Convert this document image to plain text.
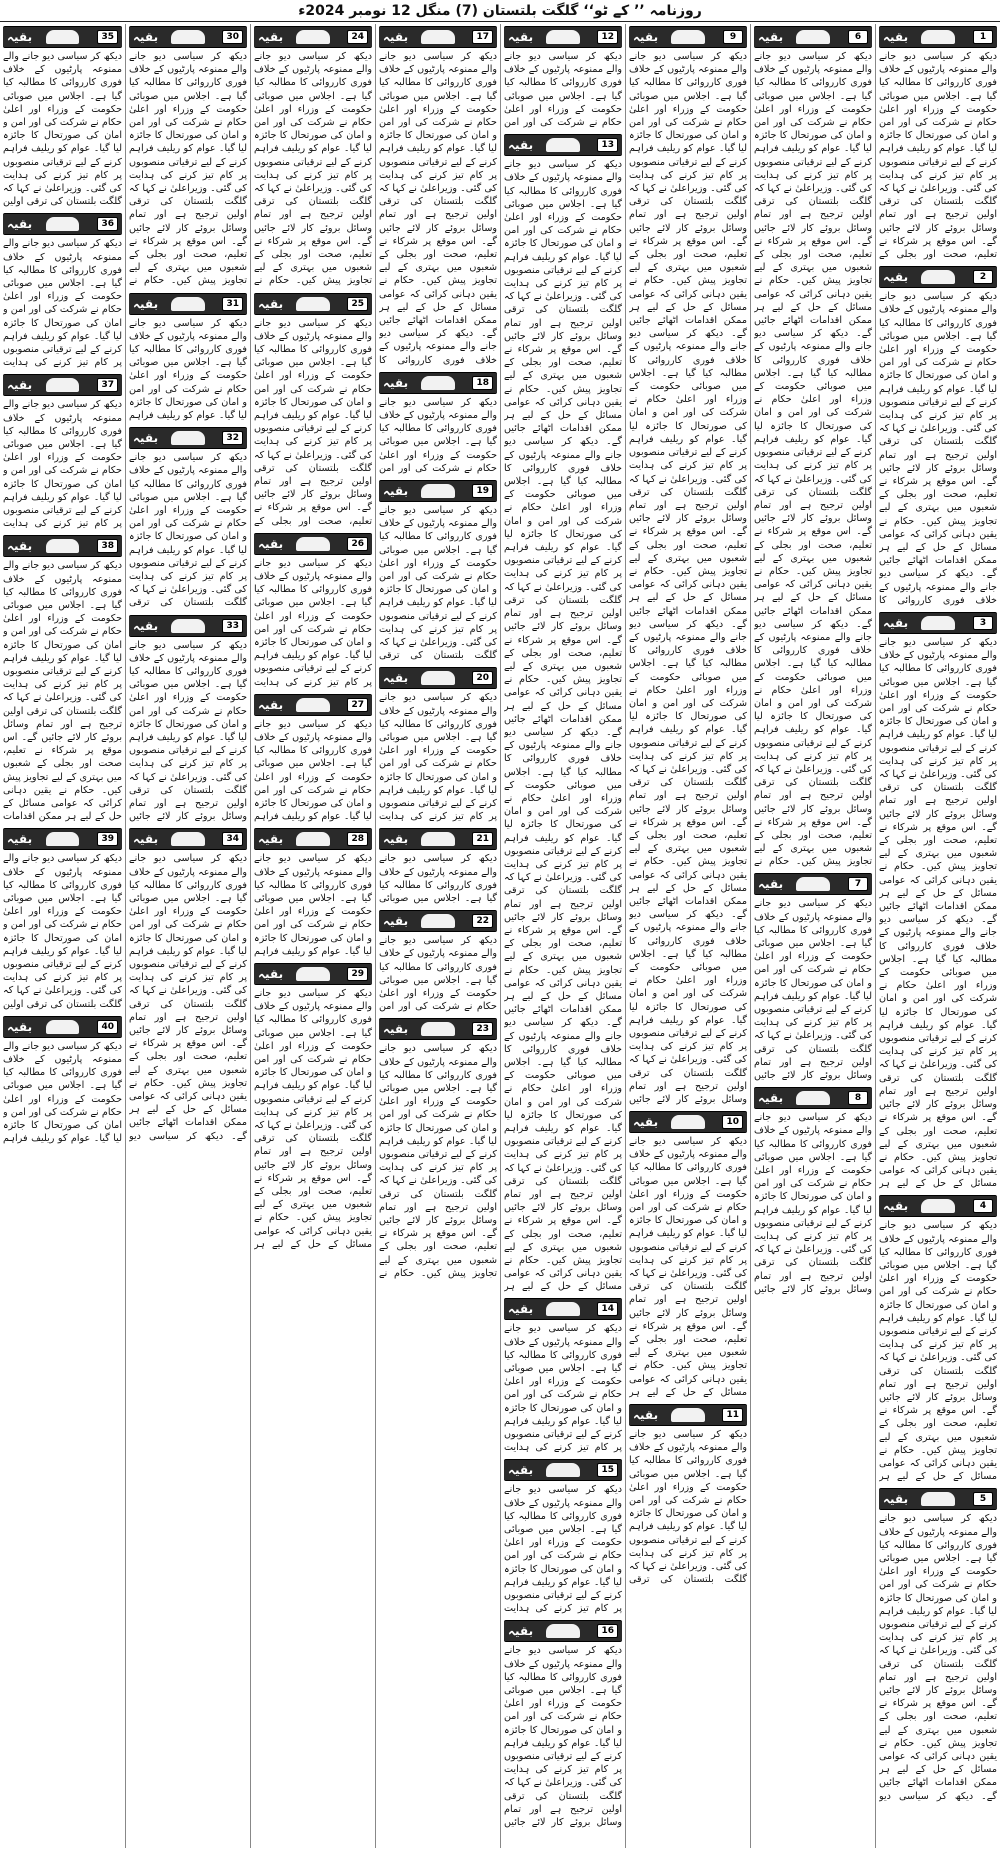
روزنامہ ’’ کے ٹو‘‘ گلگت بلتستان (7) منگل 12 نومبر 2024ء
بقیہ	1
دیکھ کر سیاسی دیو جانے والے ممنوعہ پارٹیوں کے خلاف فوری کارروائی کا مطالبہ کیا گیا ہے۔ اجلاس میں صوبائی حکومت کے وزراء اور اعلیٰ حکام نے شرکت کی اور امن و امان کی صورتحال کا جائزہ لیا گیا۔ عوام کو ریلیف فراہم کرنے کے لیے ترقیاتی منصوبوں پر کام تیز کرنے کی ہدایت کی گئی۔ وزیراعلیٰ نے کہا کہ گلگت بلتستان کی ترقی اولین ترجیح ہے اور تمام وسائل بروئے کار لائے جائیں گے۔ اس موقع پر شرکاء نے تعلیم، صحت اور بجلی کے
بقیہ	2
دیکھ کر سیاسی دیو جانے والے ممنوعہ پارٹیوں کے خلاف فوری کارروائی کا مطالبہ کیا گیا ہے۔ اجلاس میں صوبائی حکومت کے وزراء اور اعلیٰ حکام نے شرکت کی اور امن و امان کی صورتحال کا جائزہ لیا گیا۔ عوام کو ریلیف فراہم کرنے کے لیے ترقیاتی منصوبوں پر کام تیز کرنے کی ہدایت کی گئی۔ وزیراعلیٰ نے کہا کہ گلگت بلتستان کی ترقی اولین ترجیح ہے اور تمام وسائل بروئے کار لائے جائیں گے۔ اس موقع پر شرکاء نے تعلیم، صحت اور بجلی کے شعبوں میں بہتری کے لیے تجاویز پیش کیں۔ حکام نے یقین دہانی کرائی کہ عوامی مسائل کے حل کے لیے ہر ممکن اقدامات اٹھائے جائیں گے۔ دیکھ کر سیاسی دیو جانے والے ممنوعہ پارٹیوں کے خلاف فوری کارروائی کا
بقیہ	3
دیکھ کر سیاسی دیو جانے والے ممنوعہ پارٹیوں کے خلاف فوری کارروائی کا مطالبہ کیا گیا ہے۔ اجلاس میں صوبائی حکومت کے وزراء اور اعلیٰ حکام نے شرکت کی اور امن و امان کی صورتحال کا جائزہ لیا گیا۔ عوام کو ریلیف فراہم کرنے کے لیے ترقیاتی منصوبوں پر کام تیز کرنے کی ہدایت کی گئی۔ وزیراعلیٰ نے کہا کہ گلگت بلتستان کی ترقی اولین ترجیح ہے اور تمام وسائل بروئے کار لائے جائیں گے۔ اس موقع پر شرکاء نے تعلیم، صحت اور بجلی کے شعبوں میں بہتری کے لیے تجاویز پیش کیں۔ حکام نے یقین دہانی کرائی کہ عوامی مسائل کے حل کے لیے ہر ممکن اقدامات اٹھائے جائیں گے۔ دیکھ کر سیاسی دیو جانے والے ممنوعہ پارٹیوں کے خلاف فوری کارروائی کا مطالبہ کیا گیا ہے۔ اجلاس میں صوبائی حکومت کے وزراء اور اعلیٰ حکام نے شرکت کی اور امن و امان کی صورتحال کا جائزہ لیا گیا۔ عوام کو ریلیف فراہم کرنے کے لیے ترقیاتی منصوبوں پر کام تیز کرنے کی ہدایت کی گئی۔ وزیراعلیٰ نے کہا کہ گلگت بلتستان کی ترقی اولین ترجیح ہے اور تمام وسائل بروئے کار لائے جائیں گے۔ اس موقع پر شرکاء نے تعلیم، صحت اور بجلی کے شعبوں میں بہتری کے لیے تجاویز پیش کیں۔ حکام نے یقین دہانی کرائی کہ عوامی مسائل کے حل کے لیے ہر
بقیہ	4
دیکھ کر سیاسی دیو جانے والے ممنوعہ پارٹیوں کے خلاف فوری کارروائی کا مطالبہ کیا گیا ہے۔ اجلاس میں صوبائی حکومت کے وزراء اور اعلیٰ حکام نے شرکت کی اور امن و امان کی صورتحال کا جائزہ لیا گیا۔ عوام کو ریلیف فراہم کرنے کے لیے ترقیاتی منصوبوں پر کام تیز کرنے کی ہدایت کی گئی۔ وزیراعلیٰ نے کہا کہ گلگت بلتستان کی ترقی اولین ترجیح ہے اور تمام وسائل بروئے کار لائے جائیں گے۔ اس موقع پر شرکاء نے تعلیم، صحت اور بجلی کے شعبوں میں بہتری کے لیے تجاویز پیش کیں۔ حکام نے یقین دہانی کرائی کہ عوامی مسائل کے حل کے لیے ہر
بقیہ	5
دیکھ کر سیاسی دیو جانے والے ممنوعہ پارٹیوں کے خلاف فوری کارروائی کا مطالبہ کیا گیا ہے۔ اجلاس میں صوبائی حکومت کے وزراء اور اعلیٰ حکام نے شرکت کی اور امن و امان کی صورتحال کا جائزہ لیا گیا۔ عوام کو ریلیف فراہم کرنے کے لیے ترقیاتی منصوبوں پر کام تیز کرنے کی ہدایت کی گئی۔ وزیراعلیٰ نے کہا کہ گلگت بلتستان کی ترقی اولین ترجیح ہے اور تمام وسائل بروئے کار لائے جائیں گے۔ اس موقع پر شرکاء نے تعلیم، صحت اور بجلی کے شعبوں میں بہتری کے لیے تجاویز پیش کیں۔ حکام نے یقین دہانی کرائی کہ عوامی مسائل کے حل کے لیے ہر ممکن اقدامات اٹھائے جائیں گے۔ دیکھ کر سیاسی دیو
بقیہ	6
دیکھ کر سیاسی دیو جانے والے ممنوعہ پارٹیوں کے خلاف فوری کارروائی کا مطالبہ کیا گیا ہے۔ اجلاس میں صوبائی حکومت کے وزراء اور اعلیٰ حکام نے شرکت کی اور امن و امان کی صورتحال کا جائزہ لیا گیا۔ عوام کو ریلیف فراہم کرنے کے لیے ترقیاتی منصوبوں پر کام تیز کرنے کی ہدایت کی گئی۔ وزیراعلیٰ نے کہا کہ گلگت بلتستان کی ترقی اولین ترجیح ہے اور تمام وسائل بروئے کار لائے جائیں گے۔ اس موقع پر شرکاء نے تعلیم، صحت اور بجلی کے شعبوں میں بہتری کے لیے تجاویز پیش کیں۔ حکام نے یقین دہانی کرائی کہ عوامی مسائل کے حل کے لیے ہر ممکن اقدامات اٹھائے جائیں گے۔ دیکھ کر سیاسی دیو جانے والے ممنوعہ پارٹیوں کے خلاف فوری کارروائی کا مطالبہ کیا گیا ہے۔ اجلاس میں صوبائی حکومت کے وزراء اور اعلیٰ حکام نے شرکت کی اور امن و امان کی صورتحال کا جائزہ لیا گیا۔ عوام کو ریلیف فراہم کرنے کے لیے ترقیاتی منصوبوں پر کام تیز کرنے کی ہدایت کی گئی۔ وزیراعلیٰ نے کہا کہ گلگت بلتستان کی ترقی اولین ترجیح ہے اور تمام وسائل بروئے کار لائے جائیں گے۔ اس موقع پر شرکاء نے تعلیم، صحت اور بجلی کے شعبوں میں بہتری کے لیے تجاویز پیش کیں۔ حکام نے یقین دہانی کرائی کہ عوامی مسائل کے حل کے لیے ہر ممکن اقدامات اٹھائے جائیں گے۔ دیکھ کر سیاسی دیو جانے والے ممنوعہ پارٹیوں کے خلاف فوری کارروائی کا مطالبہ کیا گیا ہے۔ اجلاس میں صوبائی حکومت کے وزراء اور اعلیٰ حکام نے شرکت کی اور امن و امان کی صورتحال کا جائزہ لیا گیا۔ عوام کو ریلیف فراہم کرنے کے لیے ترقیاتی منصوبوں پر کام تیز کرنے کی ہدایت کی گئی۔ وزیراعلیٰ نے کہا کہ گلگت بلتستان کی ترقی اولین ترجیح ہے اور تمام وسائل بروئے کار لائے جائیں گے۔ اس موقع پر شرکاء نے تعلیم، صحت اور بجلی کے شعبوں میں بہتری کے لیے تجاویز پیش کیں۔ حکام نے
بقیہ	7
دیکھ کر سیاسی دیو جانے والے ممنوعہ پارٹیوں کے خلاف فوری کارروائی کا مطالبہ کیا گیا ہے۔ اجلاس میں صوبائی حکومت کے وزراء اور اعلیٰ حکام نے شرکت کی اور امن و امان کی صورتحال کا جائزہ لیا گیا۔ عوام کو ریلیف فراہم کرنے کے لیے ترقیاتی منصوبوں پر کام تیز کرنے کی ہدایت کی گئی۔ وزیراعلیٰ نے کہا کہ گلگت بلتستان کی ترقی اولین ترجیح ہے اور تمام وسائل بروئے کار لائے جائیں
بقیہ	8
دیکھ کر سیاسی دیو جانے والے ممنوعہ پارٹیوں کے خلاف فوری کارروائی کا مطالبہ کیا گیا ہے۔ اجلاس میں صوبائی حکومت کے وزراء اور اعلیٰ حکام نے شرکت کی اور امن و امان کی صورتحال کا جائزہ لیا گیا۔ عوام کو ریلیف فراہم کرنے کے لیے ترقیاتی منصوبوں پر کام تیز کرنے کی ہدایت کی گئی۔ وزیراعلیٰ نے کہا کہ گلگت بلتستان کی ترقی اولین ترجیح ہے اور تمام وسائل بروئے کار لائے جائیں
بقیہ	9
دیکھ کر سیاسی دیو جانے والے ممنوعہ پارٹیوں کے خلاف فوری کارروائی کا مطالبہ کیا گیا ہے۔ اجلاس میں صوبائی حکومت کے وزراء اور اعلیٰ حکام نے شرکت کی اور امن و امان کی صورتحال کا جائزہ لیا گیا۔ عوام کو ریلیف فراہم کرنے کے لیے ترقیاتی منصوبوں پر کام تیز کرنے کی ہدایت کی گئی۔ وزیراعلیٰ نے کہا کہ گلگت بلتستان کی ترقی اولین ترجیح ہے اور تمام وسائل بروئے کار لائے جائیں گے۔ اس موقع پر شرکاء نے تعلیم، صحت اور بجلی کے شعبوں میں بہتری کے لیے تجاویز پیش کیں۔ حکام نے یقین دہانی کرائی کہ عوامی مسائل کے حل کے لیے ہر ممکن اقدامات اٹھائے جائیں گے۔ دیکھ کر سیاسی دیو جانے والے ممنوعہ پارٹیوں کے خلاف فوری کارروائی کا مطالبہ کیا گیا ہے۔ اجلاس میں صوبائی حکومت کے وزراء اور اعلیٰ حکام نے شرکت کی اور امن و امان کی صورتحال کا جائزہ لیا گیا۔ عوام کو ریلیف فراہم کرنے کے لیے ترقیاتی منصوبوں پر کام تیز کرنے کی ہدایت کی گئی۔ وزیراعلیٰ نے کہا کہ گلگت بلتستان کی ترقی اولین ترجیح ہے اور تمام وسائل بروئے کار لائے جائیں گے۔ اس موقع پر شرکاء نے تعلیم، صحت اور بجلی کے شعبوں میں بہتری کے لیے تجاویز پیش کیں۔ حکام نے یقین دہانی کرائی کہ عوامی مسائل کے حل کے لیے ہر ممکن اقدامات اٹھائے جائیں گے۔ دیکھ کر سیاسی دیو جانے والے ممنوعہ پارٹیوں کے خلاف فوری کارروائی کا مطالبہ کیا گیا ہے۔ اجلاس میں صوبائی حکومت کے وزراء اور اعلیٰ حکام نے شرکت کی اور امن و امان کی صورتحال کا جائزہ لیا گیا۔ عوام کو ریلیف فراہم کرنے کے لیے ترقیاتی منصوبوں پر کام تیز کرنے کی ہدایت کی گئی۔ وزیراعلیٰ نے کہا کہ گلگت بلتستان کی ترقی اولین ترجیح ہے اور تمام وسائل بروئے کار لائے جائیں گے۔ اس موقع پر شرکاء نے تعلیم، صحت اور بجلی کے شعبوں میں بہتری کے لیے تجاویز پیش کیں۔ حکام نے یقین دہانی کرائی کہ عوامی مسائل کے حل کے لیے ہر ممکن اقدامات اٹھائے جائیں گے۔ دیکھ کر سیاسی دیو جانے والے ممنوعہ پارٹیوں کے خلاف فوری کارروائی کا مطالبہ کیا گیا ہے۔ اجلاس میں صوبائی حکومت کے وزراء اور اعلیٰ حکام نے شرکت کی اور امن و امان کی صورتحال کا جائزہ لیا گیا۔ عوام کو ریلیف فراہم کرنے کے لیے ترقیاتی منصوبوں پر کام تیز کرنے کی ہدایت کی گئی۔ وزیراعلیٰ نے کہا کہ گلگت بلتستان کی ترقی اولین ترجیح ہے اور تمام وسائل بروئے کار لائے جائیں
بقیہ	10
دیکھ کر سیاسی دیو جانے والے ممنوعہ پارٹیوں کے خلاف فوری کارروائی کا مطالبہ کیا گیا ہے۔ اجلاس میں صوبائی حکومت کے وزراء اور اعلیٰ حکام نے شرکت کی اور امن و امان کی صورتحال کا جائزہ لیا گیا۔ عوام کو ریلیف فراہم کرنے کے لیے ترقیاتی منصوبوں پر کام تیز کرنے کی ہدایت کی گئی۔ وزیراعلیٰ نے کہا کہ گلگت بلتستان کی ترقی اولین ترجیح ہے اور تمام وسائل بروئے کار لائے جائیں گے۔ اس موقع پر شرکاء نے تعلیم، صحت اور بجلی کے شعبوں میں بہتری کے لیے تجاویز پیش کیں۔ حکام نے یقین دہانی کرائی کہ عوامی مسائل کے حل کے لیے ہر
بقیہ	11
دیکھ کر سیاسی دیو جانے والے ممنوعہ پارٹیوں کے خلاف فوری کارروائی کا مطالبہ کیا گیا ہے۔ اجلاس میں صوبائی حکومت کے وزراء اور اعلیٰ حکام نے شرکت کی اور امن و امان کی صورتحال کا جائزہ لیا گیا۔ عوام کو ریلیف فراہم کرنے کے لیے ترقیاتی منصوبوں پر کام تیز کرنے کی ہدایت کی گئی۔ وزیراعلیٰ نے کہا کہ گلگت بلتستان کی ترقی
بقیہ	12
دیکھ کر سیاسی دیو جانے والے ممنوعہ پارٹیوں کے خلاف فوری کارروائی کا مطالبہ کیا گیا ہے۔ اجلاس میں صوبائی حکومت کے وزراء اور اعلیٰ حکام نے شرکت کی اور امن
بقیہ	13
دیکھ کر سیاسی دیو جانے والے ممنوعہ پارٹیوں کے خلاف فوری کارروائی کا مطالبہ کیا گیا ہے۔ اجلاس میں صوبائی حکومت کے وزراء اور اعلیٰ حکام نے شرکت کی اور امن و امان کی صورتحال کا جائزہ لیا گیا۔ عوام کو ریلیف فراہم کرنے کے لیے ترقیاتی منصوبوں پر کام تیز کرنے کی ہدایت کی گئی۔ وزیراعلیٰ نے کہا کہ گلگت بلتستان کی ترقی اولین ترجیح ہے اور تمام وسائل بروئے کار لائے جائیں گے۔ اس موقع پر شرکاء نے تعلیم، صحت اور بجلی کے شعبوں میں بہتری کے لیے تجاویز پیش کیں۔ حکام نے یقین دہانی کرائی کہ عوامی مسائل کے حل کے لیے ہر ممکن اقدامات اٹھائے جائیں گے۔ دیکھ کر سیاسی دیو جانے والے ممنوعہ پارٹیوں کے خلاف فوری کارروائی کا مطالبہ کیا گیا ہے۔ اجلاس میں صوبائی حکومت کے وزراء اور اعلیٰ حکام نے شرکت کی اور امن و امان کی صورتحال کا جائزہ لیا گیا۔ عوام کو ریلیف فراہم کرنے کے لیے ترقیاتی منصوبوں پر کام تیز کرنے کی ہدایت کی گئی۔ وزیراعلیٰ نے کہا کہ گلگت بلتستان کی ترقی اولین ترجیح ہے اور تمام وسائل بروئے کار لائے جائیں گے۔ اس موقع پر شرکاء نے تعلیم، صحت اور بجلی کے شعبوں میں بہتری کے لیے تجاویز پیش کیں۔ حکام نے یقین دہانی کرائی کہ عوامی مسائل کے حل کے لیے ہر ممکن اقدامات اٹھائے جائیں گے۔ دیکھ کر سیاسی دیو جانے والے ممنوعہ پارٹیوں کے خلاف فوری کارروائی کا مطالبہ کیا گیا ہے۔ اجلاس میں صوبائی حکومت کے وزراء اور اعلیٰ حکام نے شرکت کی اور امن و امان کی صورتحال کا جائزہ لیا گیا۔ عوام کو ریلیف فراہم کرنے کے لیے ترقیاتی منصوبوں پر کام تیز کرنے کی ہدایت کی گئی۔ وزیراعلیٰ نے کہا کہ گلگت بلتستان کی ترقی اولین ترجیح ہے اور تمام وسائل بروئے کار لائے جائیں گے۔ اس موقع پر شرکاء نے تعلیم، صحت اور بجلی کے شعبوں میں بہتری کے لیے تجاویز پیش کیں۔ حکام نے یقین دہانی کرائی کہ عوامی مسائل کے حل کے لیے ہر ممکن اقدامات اٹھائے جائیں گے۔ دیکھ کر سیاسی دیو جانے والے ممنوعہ پارٹیوں کے خلاف فوری کارروائی کا مطالبہ کیا گیا ہے۔ اجلاس میں صوبائی حکومت کے وزراء اور اعلیٰ حکام نے شرکت کی اور امن و امان کی صورتحال کا جائزہ لیا گیا۔ عوام کو ریلیف فراہم کرنے کے لیے ترقیاتی منصوبوں پر کام تیز کرنے کی ہدایت کی گئی۔ وزیراعلیٰ نے کہا کہ گلگت بلتستان کی ترقی اولین ترجیح ہے اور تمام وسائل بروئے کار لائے جائیں گے۔ اس موقع پر شرکاء نے تعلیم، صحت اور بجلی کے شعبوں میں بہتری کے لیے تجاویز پیش کیں۔ حکام نے یقین دہانی کرائی کہ عوامی مسائل کے حل کے لیے ہر
بقیہ	14
دیکھ کر سیاسی دیو جانے والے ممنوعہ پارٹیوں کے خلاف فوری کارروائی کا مطالبہ کیا گیا ہے۔ اجلاس میں صوبائی حکومت کے وزراء اور اعلیٰ حکام نے شرکت کی اور امن و امان کی صورتحال کا جائزہ لیا گیا۔ عوام کو ریلیف فراہم کرنے کے لیے ترقیاتی منصوبوں پر کام تیز کرنے کی ہدایت
بقیہ	15
دیکھ کر سیاسی دیو جانے والے ممنوعہ پارٹیوں کے خلاف فوری کارروائی کا مطالبہ کیا گیا ہے۔ اجلاس میں صوبائی حکومت کے وزراء اور اعلیٰ حکام نے شرکت کی اور امن و امان کی صورتحال کا جائزہ لیا گیا۔ عوام کو ریلیف فراہم کرنے کے لیے ترقیاتی منصوبوں پر کام تیز کرنے کی ہدایت
بقیہ	16
دیکھ کر سیاسی دیو جانے والے ممنوعہ پارٹیوں کے خلاف فوری کارروائی کا مطالبہ کیا گیا ہے۔ اجلاس میں صوبائی حکومت کے وزراء اور اعلیٰ حکام نے شرکت کی اور امن و امان کی صورتحال کا جائزہ لیا گیا۔ عوام کو ریلیف فراہم کرنے کے لیے ترقیاتی منصوبوں پر کام تیز کرنے کی ہدایت کی گئی۔ وزیراعلیٰ نے کہا کہ گلگت بلتستان کی ترقی اولین ترجیح ہے اور تمام وسائل بروئے کار لائے جائیں
بقیہ	17
دیکھ کر سیاسی دیو جانے والے ممنوعہ پارٹیوں کے خلاف فوری کارروائی کا مطالبہ کیا گیا ہے۔ اجلاس میں صوبائی حکومت کے وزراء اور اعلیٰ حکام نے شرکت کی اور امن و امان کی صورتحال کا جائزہ لیا گیا۔ عوام کو ریلیف فراہم کرنے کے لیے ترقیاتی منصوبوں پر کام تیز کرنے کی ہدایت کی گئی۔ وزیراعلیٰ نے کہا کہ گلگت بلتستان کی ترقی اولین ترجیح ہے اور تمام وسائل بروئے کار لائے جائیں گے۔ اس موقع پر شرکاء نے تعلیم، صحت اور بجلی کے شعبوں میں بہتری کے لیے تجاویز پیش کیں۔ حکام نے یقین دہانی کرائی کہ عوامی مسائل کے حل کے لیے ہر ممکن اقدامات اٹھائے جائیں گے۔ دیکھ کر سیاسی دیو جانے والے ممنوعہ پارٹیوں کے خلاف فوری کارروائی کا
بقیہ	18
دیکھ کر سیاسی دیو جانے والے ممنوعہ پارٹیوں کے خلاف فوری کارروائی کا مطالبہ کیا گیا ہے۔ اجلاس میں صوبائی حکومت کے وزراء اور اعلیٰ حکام نے شرکت کی اور امن
بقیہ	19
دیکھ کر سیاسی دیو جانے والے ممنوعہ پارٹیوں کے خلاف فوری کارروائی کا مطالبہ کیا گیا ہے۔ اجلاس میں صوبائی حکومت کے وزراء اور اعلیٰ حکام نے شرکت کی اور امن و امان کی صورتحال کا جائزہ لیا گیا۔ عوام کو ریلیف فراہم کرنے کے لیے ترقیاتی منصوبوں پر کام تیز کرنے کی ہدایت کی گئی۔ وزیراعلیٰ نے کہا کہ گلگت بلتستان کی ترقی
بقیہ	20
دیکھ کر سیاسی دیو جانے والے ممنوعہ پارٹیوں کے خلاف فوری کارروائی کا مطالبہ کیا گیا ہے۔ اجلاس میں صوبائی حکومت کے وزراء اور اعلیٰ حکام نے شرکت کی اور امن و امان کی صورتحال کا جائزہ لیا گیا۔ عوام کو ریلیف فراہم کرنے کے لیے ترقیاتی منصوبوں پر کام تیز کرنے کی ہدایت
بقیہ	21
دیکھ کر سیاسی دیو جانے والے ممنوعہ پارٹیوں کے خلاف فوری کارروائی کا مطالبہ کیا گیا ہے۔ اجلاس میں صوبائی
بقیہ	22
دیکھ کر سیاسی دیو جانے والے ممنوعہ پارٹیوں کے خلاف فوری کارروائی کا مطالبہ کیا گیا ہے۔ اجلاس میں صوبائی حکومت کے وزراء اور اعلیٰ حکام نے شرکت کی اور امن
بقیہ	23
دیکھ کر سیاسی دیو جانے والے ممنوعہ پارٹیوں کے خلاف فوری کارروائی کا مطالبہ کیا گیا ہے۔ اجلاس میں صوبائی حکومت کے وزراء اور اعلیٰ حکام نے شرکت کی اور امن و امان کی صورتحال کا جائزہ لیا گیا۔ عوام کو ریلیف فراہم کرنے کے لیے ترقیاتی منصوبوں پر کام تیز کرنے کی ہدایت کی گئی۔ وزیراعلیٰ نے کہا کہ گلگت بلتستان کی ترقی اولین ترجیح ہے اور تمام وسائل بروئے کار لائے جائیں گے۔ اس موقع پر شرکاء نے تعلیم، صحت اور بجلی کے شعبوں میں بہتری کے لیے تجاویز پیش کیں۔ حکام نے
بقیہ	24
دیکھ کر سیاسی دیو جانے والے ممنوعہ پارٹیوں کے خلاف فوری کارروائی کا مطالبہ کیا گیا ہے۔ اجلاس میں صوبائی حکومت کے وزراء اور اعلیٰ حکام نے شرکت کی اور امن و امان کی صورتحال کا جائزہ لیا گیا۔ عوام کو ریلیف فراہم کرنے کے لیے ترقیاتی منصوبوں پر کام تیز کرنے کی ہدایت کی گئی۔ وزیراعلیٰ نے کہا کہ گلگت بلتستان کی ترقی اولین ترجیح ہے اور تمام وسائل بروئے کار لائے جائیں گے۔ اس موقع پر شرکاء نے تعلیم، صحت اور بجلی کے شعبوں میں بہتری کے لیے تجاویز پیش کیں۔ حکام نے
بقیہ	25
دیکھ کر سیاسی دیو جانے والے ممنوعہ پارٹیوں کے خلاف فوری کارروائی کا مطالبہ کیا گیا ہے۔ اجلاس میں صوبائی حکومت کے وزراء اور اعلیٰ حکام نے شرکت کی اور امن و امان کی صورتحال کا جائزہ لیا گیا۔ عوام کو ریلیف فراہم کرنے کے لیے ترقیاتی منصوبوں پر کام تیز کرنے کی ہدایت کی گئی۔ وزیراعلیٰ نے کہا کہ گلگت بلتستان کی ترقی اولین ترجیح ہے اور تمام وسائل بروئے کار لائے جائیں گے۔ اس موقع پر شرکاء نے تعلیم، صحت اور بجلی کے
بقیہ	26
دیکھ کر سیاسی دیو جانے والے ممنوعہ پارٹیوں کے خلاف فوری کارروائی کا مطالبہ کیا گیا ہے۔ اجلاس میں صوبائی حکومت کے وزراء اور اعلیٰ حکام نے شرکت کی اور امن و امان کی صورتحال کا جائزہ لیا گیا۔ عوام کو ریلیف فراہم کرنے کے لیے ترقیاتی منصوبوں پر کام تیز کرنے کی ہدایت
بقیہ	27
دیکھ کر سیاسی دیو جانے والے ممنوعہ پارٹیوں کے خلاف فوری کارروائی کا مطالبہ کیا گیا ہے۔ اجلاس میں صوبائی حکومت کے وزراء اور اعلیٰ حکام نے شرکت کی اور امن و امان کی صورتحال کا جائزہ لیا گیا۔ عوام کو ریلیف فراہم
بقیہ	28
دیکھ کر سیاسی دیو جانے والے ممنوعہ پارٹیوں کے خلاف فوری کارروائی کا مطالبہ کیا گیا ہے۔ اجلاس میں صوبائی حکومت کے وزراء اور اعلیٰ حکام نے شرکت کی اور امن و امان کی صورتحال کا جائزہ لیا گیا۔ عوام کو ریلیف فراہم
بقیہ	29
دیکھ کر سیاسی دیو جانے والے ممنوعہ پارٹیوں کے خلاف فوری کارروائی کا مطالبہ کیا گیا ہے۔ اجلاس میں صوبائی حکومت کے وزراء اور اعلیٰ حکام نے شرکت کی اور امن و امان کی صورتحال کا جائزہ لیا گیا۔ عوام کو ریلیف فراہم کرنے کے لیے ترقیاتی منصوبوں پر کام تیز کرنے کی ہدایت کی گئی۔ وزیراعلیٰ نے کہا کہ گلگت بلتستان کی ترقی اولین ترجیح ہے اور تمام وسائل بروئے کار لائے جائیں گے۔ اس موقع پر شرکاء نے تعلیم، صحت اور بجلی کے شعبوں میں بہتری کے لیے تجاویز پیش کیں۔ حکام نے یقین دہانی کرائی کہ عوامی مسائل کے حل کے لیے ہر
بقیہ	30
دیکھ کر سیاسی دیو جانے والے ممنوعہ پارٹیوں کے خلاف فوری کارروائی کا مطالبہ کیا گیا ہے۔ اجلاس میں صوبائی حکومت کے وزراء اور اعلیٰ حکام نے شرکت کی اور امن و امان کی صورتحال کا جائزہ لیا گیا۔ عوام کو ریلیف فراہم کرنے کے لیے ترقیاتی منصوبوں پر کام تیز کرنے کی ہدایت کی گئی۔ وزیراعلیٰ نے کہا کہ گلگت بلتستان کی ترقی اولین ترجیح ہے اور تمام وسائل بروئے کار لائے جائیں گے۔ اس موقع پر شرکاء نے تعلیم، صحت اور بجلی کے شعبوں میں بہتری کے لیے تجاویز پیش کیں۔ حکام نے
بقیہ	31
دیکھ کر سیاسی دیو جانے والے ممنوعہ پارٹیوں کے خلاف فوری کارروائی کا مطالبہ کیا گیا ہے۔ اجلاس میں صوبائی حکومت کے وزراء اور اعلیٰ حکام نے شرکت کی اور امن و امان کی صورتحال کا جائزہ لیا گیا۔ عوام کو ریلیف فراہم
بقیہ	32
دیکھ کر سیاسی دیو جانے والے ممنوعہ پارٹیوں کے خلاف فوری کارروائی کا مطالبہ کیا گیا ہے۔ اجلاس میں صوبائی حکومت کے وزراء اور اعلیٰ حکام نے شرکت کی اور امن و امان کی صورتحال کا جائزہ لیا گیا۔ عوام کو ریلیف فراہم کرنے کے لیے ترقیاتی منصوبوں پر کام تیز کرنے کی ہدایت کی گئی۔ وزیراعلیٰ نے کہا کہ گلگت بلتستان کی ترقی
بقیہ	33
دیکھ کر سیاسی دیو جانے والے ممنوعہ پارٹیوں کے خلاف فوری کارروائی کا مطالبہ کیا گیا ہے۔ اجلاس میں صوبائی حکومت کے وزراء اور اعلیٰ حکام نے شرکت کی اور امن و امان کی صورتحال کا جائزہ لیا گیا۔ عوام کو ریلیف فراہم کرنے کے لیے ترقیاتی منصوبوں پر کام تیز کرنے کی ہدایت کی گئی۔ وزیراعلیٰ نے کہا کہ گلگت بلتستان کی ترقی اولین ترجیح ہے اور تمام وسائل بروئے کار لائے جائیں
بقیہ	34
دیکھ کر سیاسی دیو جانے والے ممنوعہ پارٹیوں کے خلاف فوری کارروائی کا مطالبہ کیا گیا ہے۔ اجلاس میں صوبائی حکومت کے وزراء اور اعلیٰ حکام نے شرکت کی اور امن و امان کی صورتحال کا جائزہ لیا گیا۔ عوام کو ریلیف فراہم کرنے کے لیے ترقیاتی منصوبوں پر کام تیز کرنے کی ہدایت کی گئی۔ وزیراعلیٰ نے کہا کہ گلگت بلتستان کی ترقی اولین ترجیح ہے اور تمام وسائل بروئے کار لائے جائیں گے۔ اس موقع پر شرکاء نے تعلیم، صحت اور بجلی کے شعبوں میں بہتری کے لیے تجاویز پیش کیں۔ حکام نے یقین دہانی کرائی کہ عوامی مسائل کے حل کے لیے ہر ممکن اقدامات اٹھائے جائیں گے۔ دیکھ کر سیاسی دیو
بقیہ	35
دیکھ کر سیاسی دیو جانے والے ممنوعہ پارٹیوں کے خلاف فوری کارروائی کا مطالبہ کیا گیا ہے۔ اجلاس میں صوبائی حکومت کے وزراء اور اعلیٰ حکام نے شرکت کی اور امن و امان کی صورتحال کا جائزہ لیا گیا۔ عوام کو ریلیف فراہم کرنے کے لیے ترقیاتی منصوبوں پر کام تیز کرنے کی ہدایت کی گئی۔ وزیراعلیٰ نے کہا کہ گلگت بلتستان کی ترقی اولین
بقیہ	36
دیکھ کر سیاسی دیو جانے والے ممنوعہ پارٹیوں کے خلاف فوری کارروائی کا مطالبہ کیا گیا ہے۔ اجلاس میں صوبائی حکومت کے وزراء اور اعلیٰ حکام نے شرکت کی اور امن و امان کی صورتحال کا جائزہ لیا گیا۔ عوام کو ریلیف فراہم کرنے کے لیے ترقیاتی منصوبوں پر کام تیز کرنے کی ہدایت
بقیہ	37
دیکھ کر سیاسی دیو جانے والے ممنوعہ پارٹیوں کے خلاف فوری کارروائی کا مطالبہ کیا گیا ہے۔ اجلاس میں صوبائی حکومت کے وزراء اور اعلیٰ حکام نے شرکت کی اور امن و امان کی صورتحال کا جائزہ لیا گیا۔ عوام کو ریلیف فراہم کرنے کے لیے ترقیاتی منصوبوں پر کام تیز کرنے کی ہدایت
بقیہ	38
دیکھ کر سیاسی دیو جانے والے ممنوعہ پارٹیوں کے خلاف فوری کارروائی کا مطالبہ کیا گیا ہے۔ اجلاس میں صوبائی حکومت کے وزراء اور اعلیٰ حکام نے شرکت کی اور امن و امان کی صورتحال کا جائزہ لیا گیا۔ عوام کو ریلیف فراہم کرنے کے لیے ترقیاتی منصوبوں پر کام تیز کرنے کی ہدایت کی گئی۔ وزیراعلیٰ نے کہا کہ گلگت بلتستان کی ترقی اولین ترجیح ہے اور تمام وسائل بروئے کار لائے جائیں گے۔ اس موقع پر شرکاء نے تعلیم، صحت اور بجلی کے شعبوں میں بہتری کے لیے تجاویز پیش کیں۔ حکام نے یقین دہانی کرائی کہ عوامی مسائل کے حل کے لیے ہر ممکن اقدامات
بقیہ	39
دیکھ کر سیاسی دیو جانے والے ممنوعہ پارٹیوں کے خلاف فوری کارروائی کا مطالبہ کیا گیا ہے۔ اجلاس میں صوبائی حکومت کے وزراء اور اعلیٰ حکام نے شرکت کی اور امن و امان کی صورتحال کا جائزہ لیا گیا۔ عوام کو ریلیف فراہم کرنے کے لیے ترقیاتی منصوبوں پر کام تیز کرنے کی ہدایت کی گئی۔ وزیراعلیٰ نے کہا کہ گلگت بلتستان کی ترقی اولین
بقیہ	40
دیکھ کر سیاسی دیو جانے والے ممنوعہ پارٹیوں کے خلاف فوری کارروائی کا مطالبہ کیا گیا ہے۔ اجلاس میں صوبائی حکومت کے وزراء اور اعلیٰ حکام نے شرکت کی اور امن و امان کی صورتحال کا جائزہ لیا گیا۔ عوام کو ریلیف فراہم
